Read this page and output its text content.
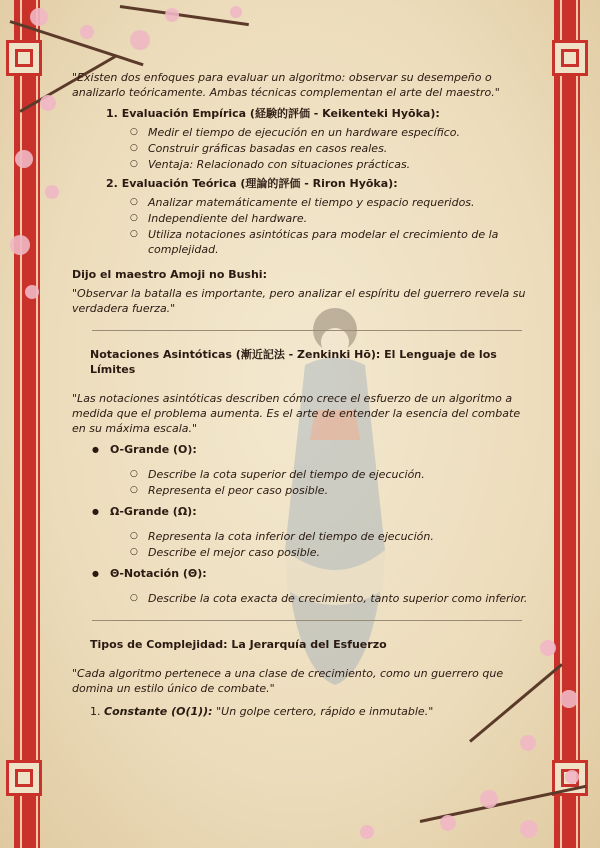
"Existen dos enfoques para evaluar un algoritmo: observar su desempeño o analizarlo teóricamente. Ambas técnicas complementan el arte del maestro."

1. Evaluación Empírica (経験的評価 - Keikenteki Hyōka):
○ Medir el tiempo de ejecución en un hardware específico.
○ Construir gráficas basadas en casos reales.
○ Ventaja: Relacionado con situaciones prácticas.
2. Evaluación Teórica (理論的評価 - Riron Hyōka):
○ Analizar matemáticamente el tiempo y espacio requeridos.
○ Independiente del hardware.
○ Utiliza notaciones asintóticas para modelar el crecimiento de la complejidad.
Dijo el maestro Amoji no Bushi:

"Observar la batalla es importante, pero analizar el espíritu del guerrero revela su verdadera fuerza."

Notaciones Asintóticas (漸近記法 - Zenkinki Hō): El Lenguaje de los Límites

"Las notaciones asintóticas describen cómo crece el esfuerzo de un algoritmo a medida que el problema aumenta. Es el arte de entender la esencia del combate en su máxima escala."

● O-Grande (O):
○ Describe la cota superior del tiempo de ejecución.
○ Representa el peor caso posible.
● Ω-Grande (Ω):
○ Representa la cota inferior del tiempo de ejecución.
○ Describe el mejor caso posible.
● Θ-Notación (Θ):
○ Describe la cota exacta de crecimiento, tanto superior como inferior.
Tipos de Complejidad: La Jerarquía del Esfuerzo

"Cada algoritmo pertenece a una clase de crecimiento, como un guerrero que domina un estilo único de combate."

1. Constante (O(1)): "Un golpe certero, rápido e inmutable."
